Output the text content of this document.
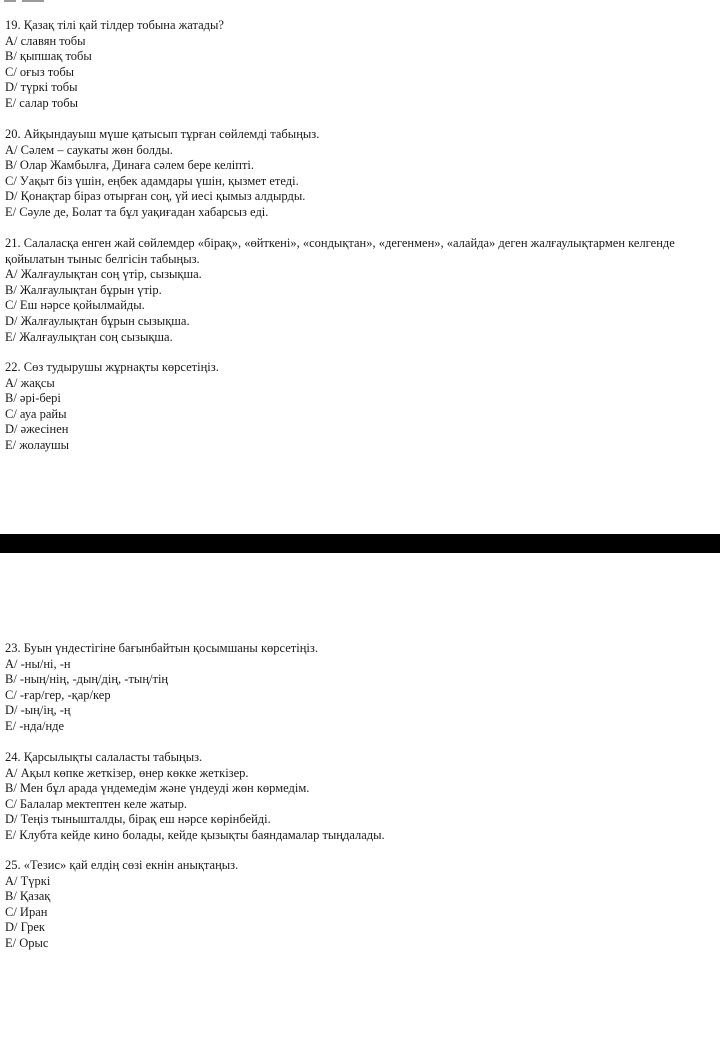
19. Қазақ тілі қай тілдер тобына жатады?

A/ славян тобы

B/ қыпшақ тобы

C/ оғыз тобы

D/ түркі тобы

E/ салар тобы

20. Айқындауыш мүше қатысып тұрған сөйлемді табыңыз.

A/ Сәлем – саукаты жөн болды.

B/ Олар Жамбылға, Динаға сәлем бере келіпті.

C/ Уақыт біз үшін, еңбек адамдары үшін, қызмет етеді.

D/ Қонақтар біраз отырған соң, үй иесі қымыз алдырды.

E/ Сәуле де, Болат та бұл уақиғадан хабарсыз еді.

21. Салаласқа енген жай сөйлемдер «бірақ», «өйткені», «сондықтан», «дегенмен», «алайда» деген жалғаулықтармен келгенде қойылатын тыныс белгісін табыңыз.

A/ Жалғаулықтан соң үтір, сызықша.

B/ Жалғаулықтан бұрын үтір.

C/ Еш нәрсе қойылмайды.

D/ Жалғаулықтан бұрын сызықша.

E/ Жалғаулықтан соң сызықша.

22. Сөз тудырушы жұрнақты көрсетіңіз.

A/ жақсы

B/ әрі-бері

C/ ауа райы

D/ әжесінен

E/ жолаушы

23. Буын үндестігіне бағынбайтын қосымшаны көрсетіңіз.

A/ -ны/ні, -н

B/ -ның/нің, -дың/дің, -тың/тің

C/ -ғар/гер, -қар/кер

D/ -ың/ің, -ң

E/ -нда/нде

24. Қарсылықты салаласты табыңыз.

A/ Ақыл көпке жеткізер, өнер көкке жеткізер.

B/ Мен бұл арада үндемедім және үндеуді жөн көрмедім.

C/ Балалар мектептен келе жатыр.

D/ Теңіз тынышталды, бірақ еш нәрсе көрінбейді.

E/ Клубта кейде кино болады, кейде қызықты баяндамалар тыңдалады.

25. «Тезис» қай елдің сөзі екнін анықтаңыз.

A/ Түркі

B/ Қазақ

C/ Иран

D/ Грек

E/ Орыс
